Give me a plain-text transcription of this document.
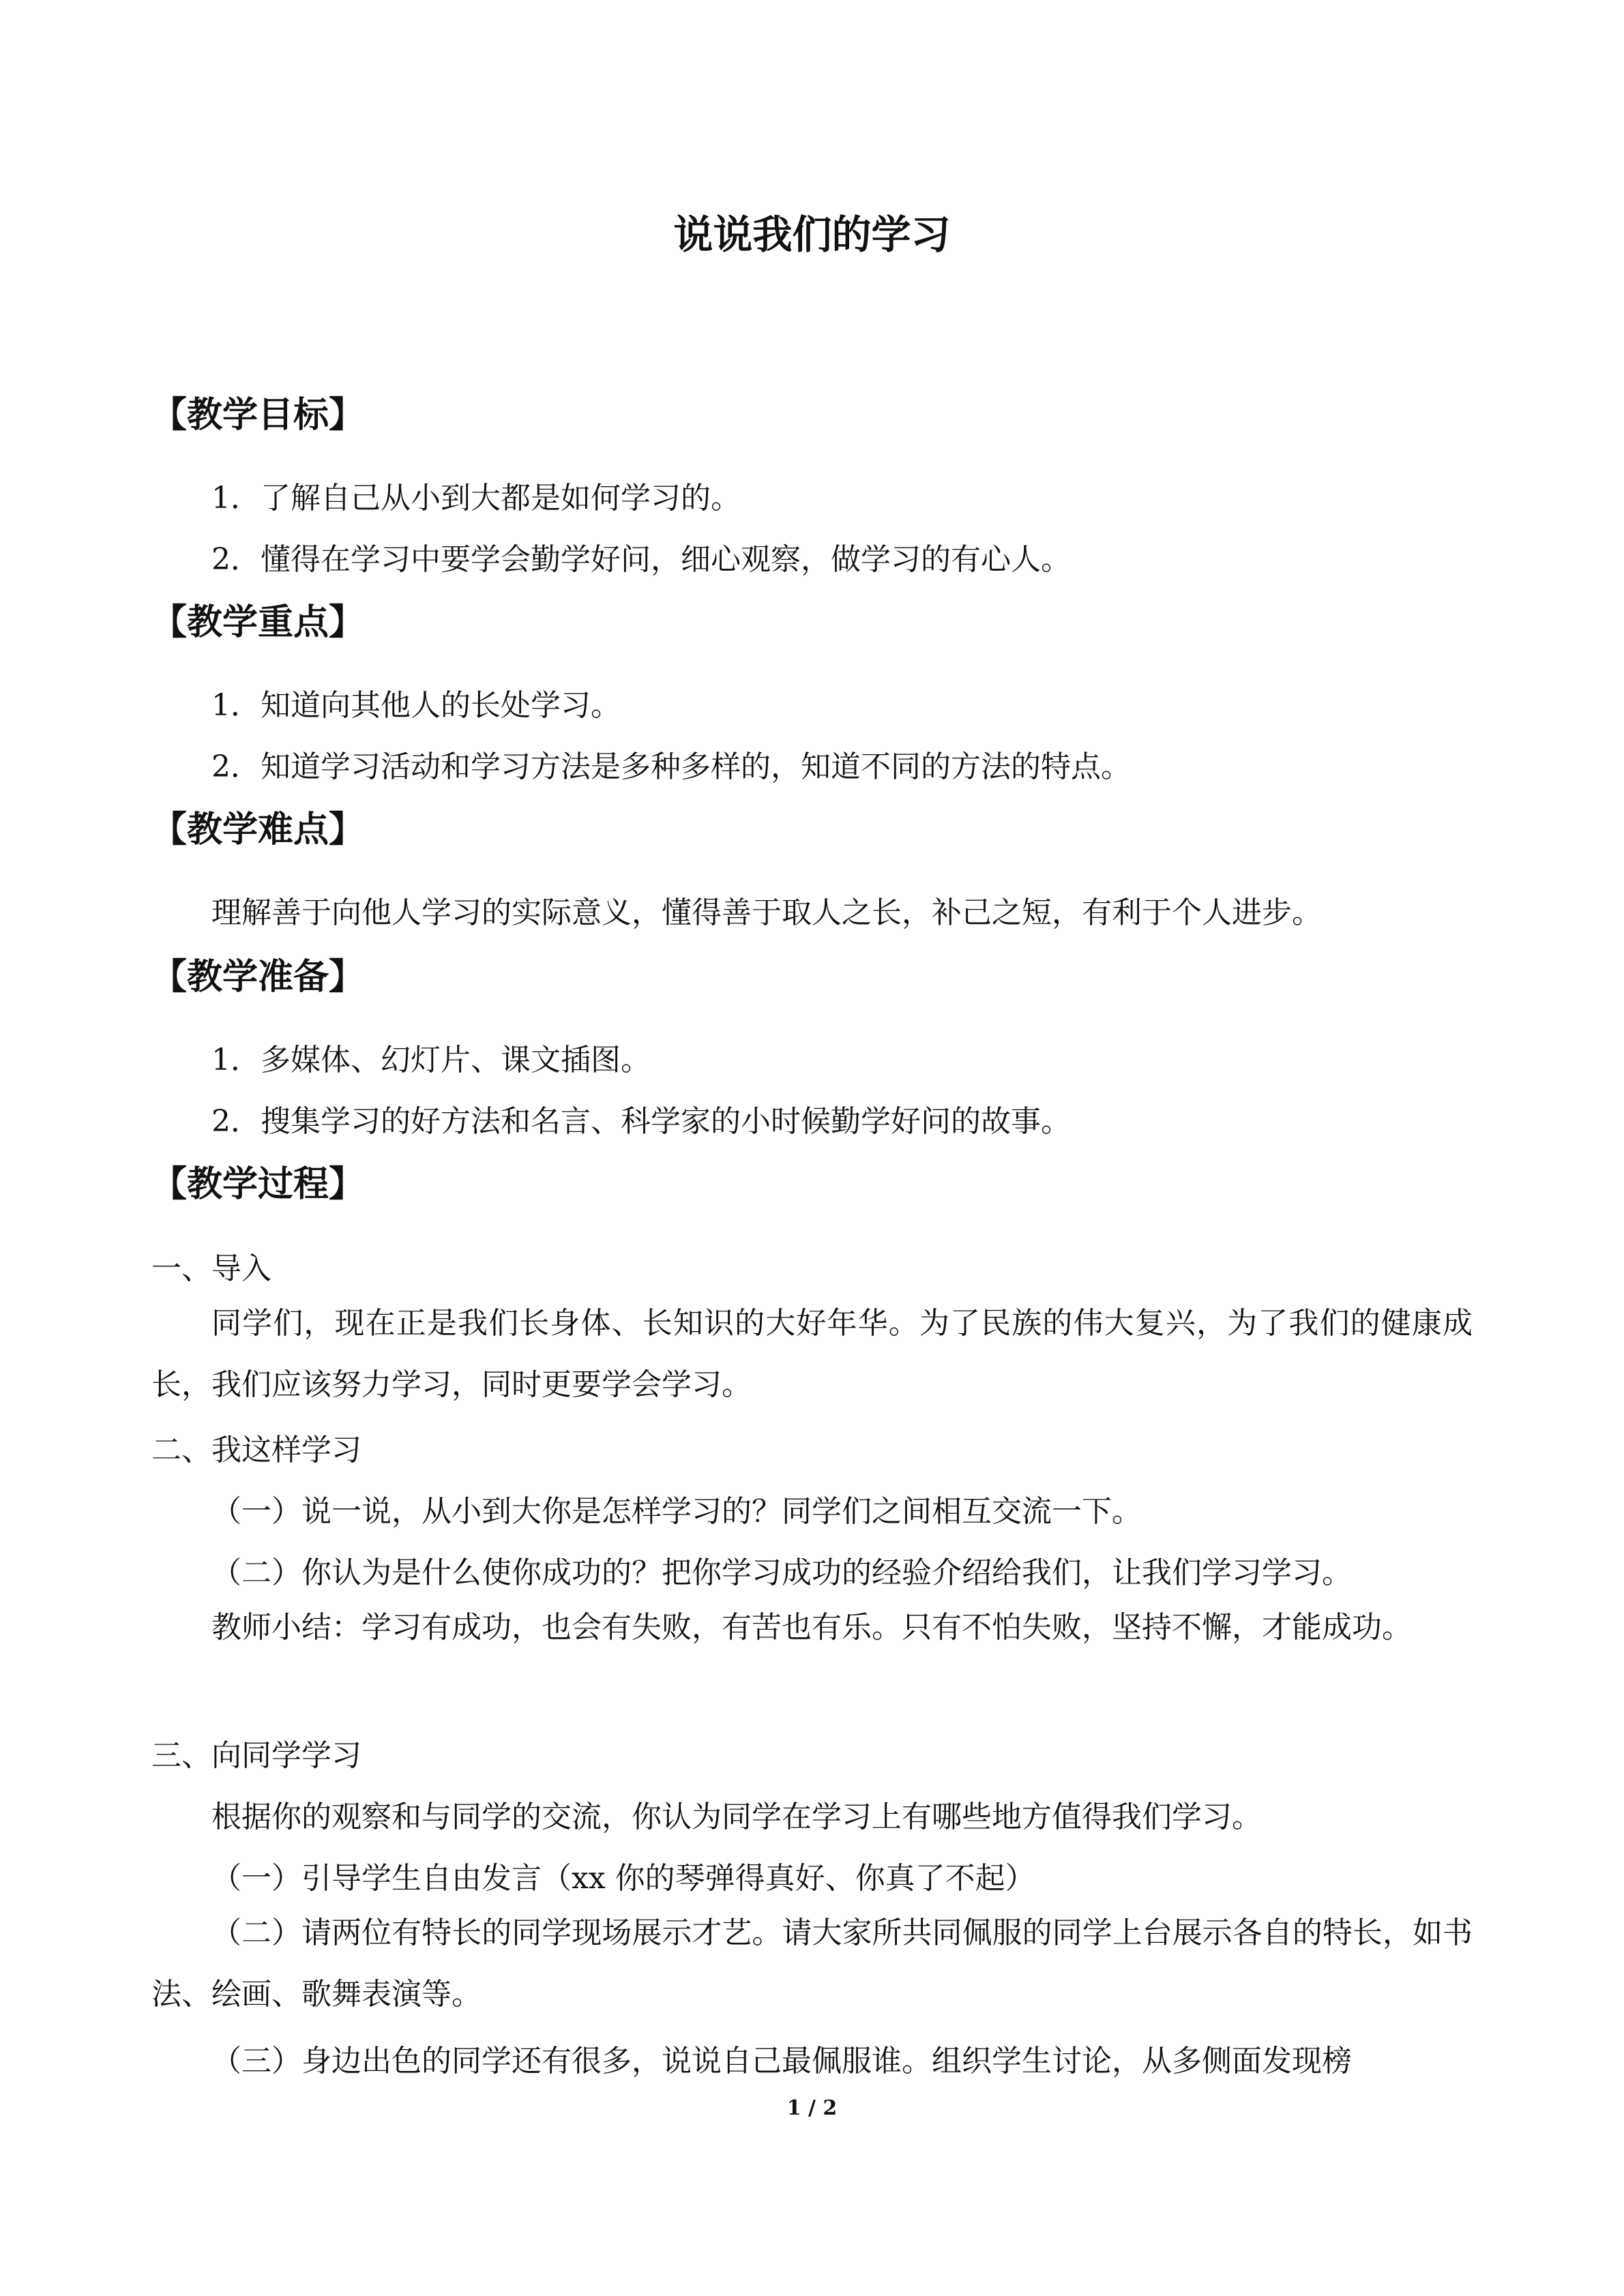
说说我们的学习
【教学目标】
1．了解自己从小到大都是如何学习的。
2．懂得在学习中要学会勤学好问，细心观察，做学习的有心人。
【教学重点】
1．知道向其他人的长处学习。
2．知道学习活动和学习方法是多种多样的，知道不同的方法的特点。
【教学难点】
理解善于向他人学习的实际意义，懂得善于取人之长，补己之短，有利于个人进步。
【教学准备】
1．多媒体、幻灯片、课文插图。
2．搜集学习的好方法和名言、科学家的小时候勤学好问的故事。
【教学过程】
一、导入
同学们，现在正是我们长身体、长知识的大好年华。为了民族的伟大复兴，为了我们的健康成长，我们应该努力学习，同时更要学会学习。
二、我这样学习
（一）说一说，从小到大你是怎样学习的？同学们之间相互交流一下。
（二）你认为是什么使你成功的？把你学习成功的经验介绍给我们，让我们学习学习。
教师小结：学习有成功，也会有失败，有苦也有乐。只有不怕失败，坚持不懈，才能成功。
三、向同学学习
根据你的观察和与同学的交流，你认为同学在学习上有哪些地方值得我们学习。
（一）引导学生自由发言（xx 你的琴弹得真好、你真了不起）
（二）请两位有特长的同学现场展示才艺。请大家所共同佩服的同学上台展示各自的特长，如书法、绘画、歌舞表演等。
（三）身边出色的同学还有很多，说说自己最佩服谁。组织学生讨论，从多侧面发现榜
1 / 2
